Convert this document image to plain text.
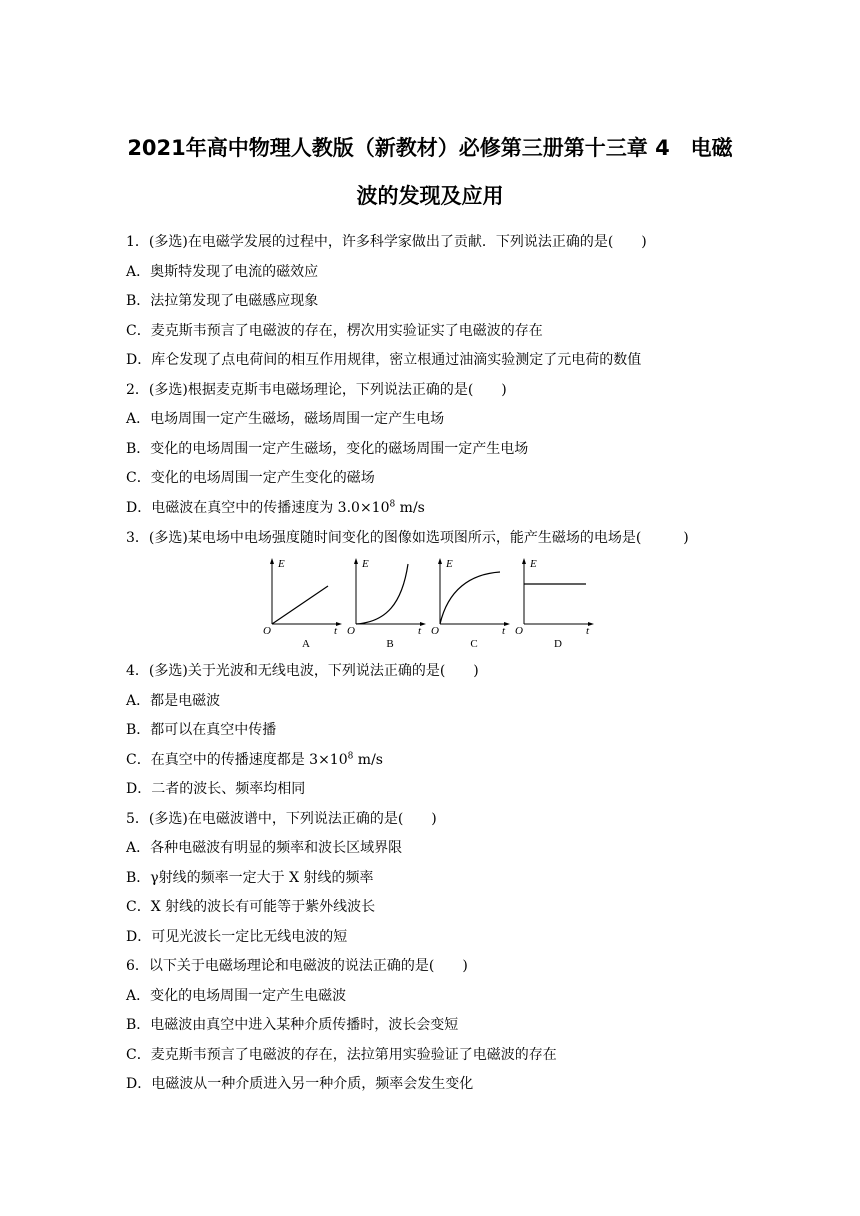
2021年高中物理人教版（新教材）必修第三册第十三章 4　电磁
波的发现及应用
1．(多选)在电磁学发展的过程中，许多科学家做出了贡献．下列说法正确的是(　　)
A．奥斯特发现了电流的磁效应
B．法拉第发现了电磁感应现象
C．麦克斯韦预言了电磁波的存在，楞次用实验证实了电磁波的存在
D．库仑发现了点电荷间的相互作用规律，密立根通过油滴实验测定了元电荷的数值
2．(多选)根据麦克斯韦电磁场理论，下列说法正确的是(　　)
A．电场周围一定产生磁场，磁场周围一定产生电场
B．变化的电场周围一定产生磁场，变化的磁场周围一定产生电场
C．变化的电场周围一定产生变化的磁场
D．电磁波在真空中的传播速度为 $3.0\times 10^8$ m/s
3．(多选)某电场中电场强度随时间变化的图像如选项图所示，能产生磁场的电场是(　　　)
E
O	t
A
E
O	t
B
E
O	t
C
E
O	t
D
4．(多选)关于光波和无线电波，下列说法正确的是(　　)
A．都是电磁波
B．都可以在真空中传播
C．在真空中的传播速度都是 $3\times 10^8$ m/s
D．二者的波长、频率均相同
5．(多选)在电磁波谱中，下列说法正确的是(　　)
A．各种电磁波有明显的频率和波长区域界限
B．γ射线的频率一定大于 X 射线的频率
C．X 射线的波长有可能等于紫外线波长
D．可见光波长一定比无线电波的短
6．以下关于电磁场理论和电磁波的说法正确的是(　　)
A．变化的电场周围一定产生电磁波
B．电磁波由真空中进入某种介质传播时，波长会变短
C．麦克斯韦预言了电磁波的存在，法拉第用实验验证了电磁波的存在
D．电磁波从一种介质进入另一种介质，频率会发生变化
